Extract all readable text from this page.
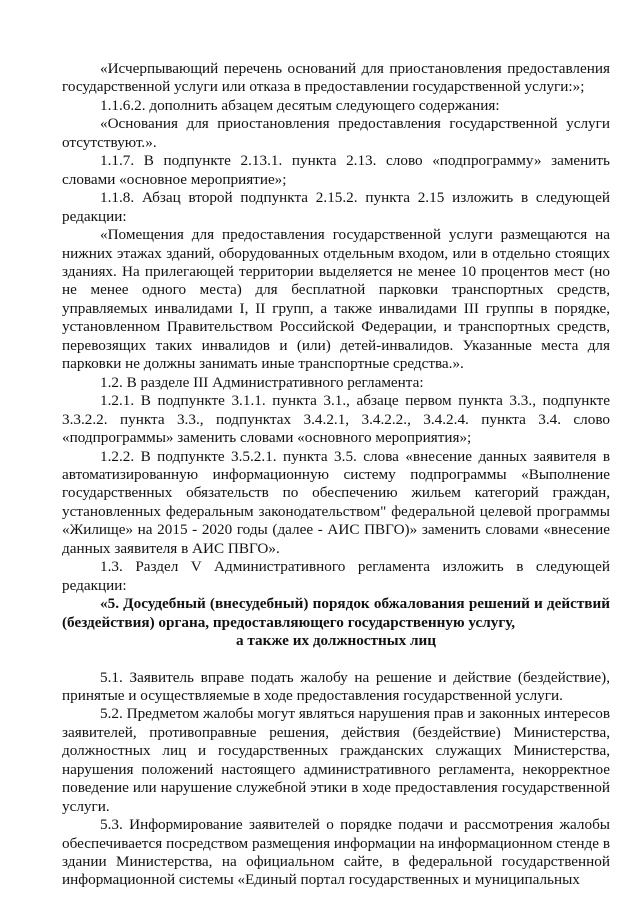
«Исчерпывающий перечень оснований для приостановления предоставления государственной услуги или отказа в предоставлении государственной услуги:»;

1.1.6.2. дополнить абзацем десятым следующего содержания:

«Основания для приостановления предоставления государственной услуги отсутствуют.».

1.1.7. В подпункте 2.13.1. пункта 2.13. слово «подпрограмму» заменить словами «основное мероприятие»;

1.1.8. Абзац второй подпункта 2.15.2. пункта 2.15 изложить в следующей редакции:

«Помещения для предоставления государственной услуги размещаются на нижних этажах зданий, оборудованных отдельным входом, или в отдельно стоящих зданиях. На прилегающей территории выделяется не менее 10 процентов мест (но не менее одного места) для бесплатной парковки транспортных средств, управляемых инвалидами I, II групп, а также инвалидами III группы в порядке, установленном Правительством Российской Федерации, и транспортных средств, перевозящих таких инвалидов и (или) детей-инвалидов. Указанные места для парковки не должны занимать иные транспортные средства.».

1.2. В разделе III Административного регламента:

1.2.1. В подпункте 3.1.1. пункта 3.1., абзаце первом пункта 3.3., подпункте 3.3.2.2. пункта 3.3., подпунктах 3.4.2.1, 3.4.2.2., 3.4.2.4. пункта 3.4. слово «подпрограммы» заменить словами «основного мероприятия»;

1.2.2. В подпункте 3.5.2.1. пункта 3.5. слова «внесение данных заявителя в автоматизированную информационную систему подпрограммы «Выполнение государственных обязательств по обеспечению жильем категорий граждан, установленных федеральным законодательством" федеральной целевой программы «Жилище» на 2015 - 2020 годы (далее - АИС ПВГО)» заменить словами «внесение данных заявителя в АИС ПВГО».

1.3. Раздел V Административного регламента изложить в следующей редакции:

«5. Досудебный (внесудебный) порядок обжалования решений и действий (бездействия) органа, предоставляющего государственную услугу,

а также их должностных лиц

5.1. Заявитель вправе подать жалобу на решение и действие (бездействие), принятые и осуществляемые в ходе предоставления государственной услуги.

5.2. Предметом жалобы могут являться нарушения прав и законных интересов заявителей, противоправные решения, действия (бездействие) Министерства, должностных лиц и государственных гражданских служащих Министерства, нарушения положений настоящего административного регламента, некорректное поведение или нарушение служебной этики в ходе предоставления государственной услуги.

5.3. Информирование заявителей о порядке подачи и рассмотрения жалобы обеспечивается посредством размещения информации на информационном стенде в здании Министерства, на официальном сайте, в федеральной государственной информационной системы «Единый портал государственных и муниципальных
